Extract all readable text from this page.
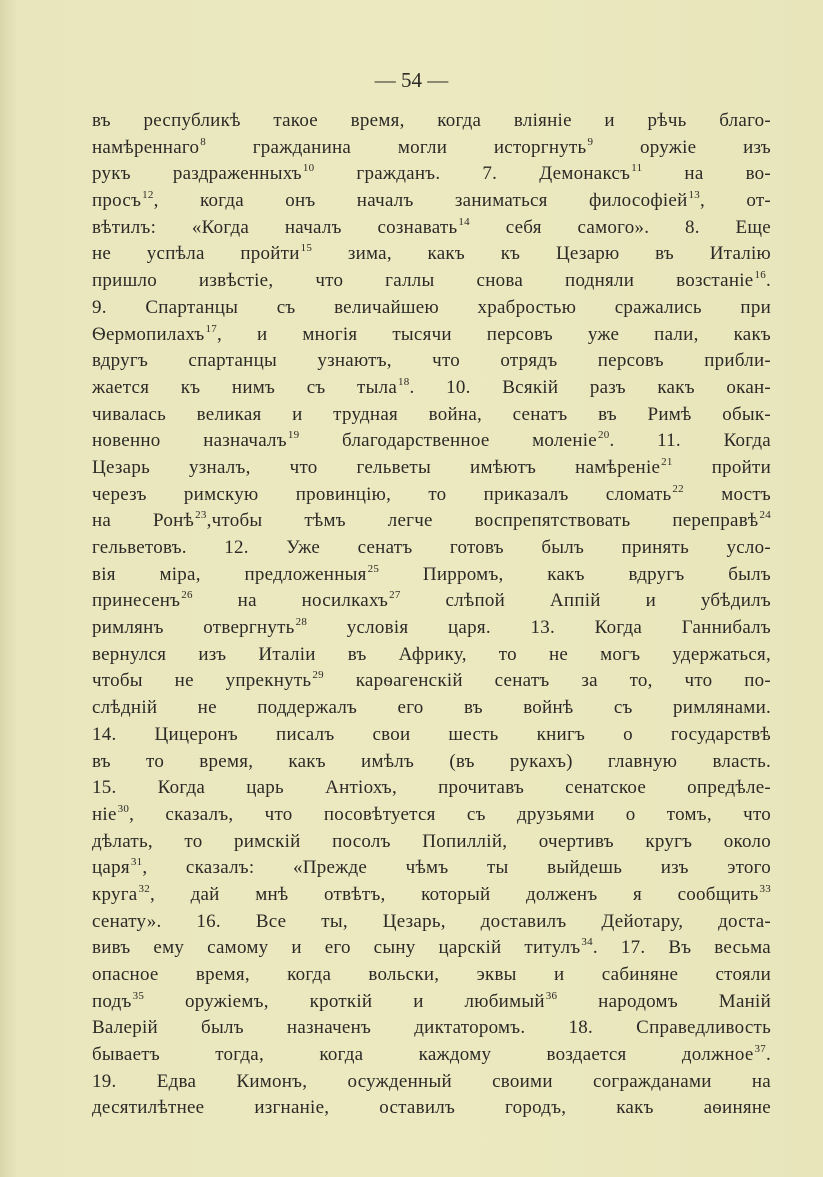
— 54 —
въ республикѣ такое время, когда вліяніе и рѣчь благо-
намѣреннаго$^8$ гражданина могли исторгнуть$^9$ оружіе изъ
рукъ раздраженныхъ$^{10}$ гражданъ. 7. Демонаксъ$^{11}$ на во-
просъ$^{12}$, когда онъ началъ заниматься философіей$^{13}$, от-
вѣтилъ: «Когда началъ сознавать$^{14}$ себя самого». 8. Еще
не успѣла пройти$^{15}$ зима, какъ къ Цезарю въ Италію
пришло извѣстіе, что галлы снова подняли возстаніе$^{16}$.
9. Спартанцы съ величайшею храбростью сражались при
Ѳермопилахъ$^{17}$, и многія тысячи персовъ уже пали, какъ
вдругъ спартанцы узнаютъ, что отрядъ персовъ прибли-
жается къ нимъ съ тыла$^{18}$. 10. Всякій разъ какъ окан-
чивалась великая и трудная война, сенатъ въ Римѣ обык-
новенно назначалъ$^{19}$ благодарственное моленіе$^{20}$. 11. Когда
Цезарь узналъ, что гельветы имѣютъ намѣреніе$^{21}$ пройти
черезъ римскую провинцію, то приказалъ сломать$^{22}$ мостъ
на Ронѣ$^{23}$,чтобы тѣмъ легче воспрепятствовать переправѣ$^{24}$
гельветовъ. 12. Уже сенатъ готовъ былъ принять усло-
вія міра, предложенныя$^{25}$ Пирромъ, какъ вдругъ былъ
принесенъ$^{26}$ на носилкахъ$^{27}$ слѣпой Аппій и убѣдилъ
римлянъ отвергнуть$^{28}$ условія царя. 13. Когда Ганнибалъ
вернулся изъ Италіи въ Африку, то не могъ удержаться,
чтобы не упрекнуть$^{29}$ карѳагенскій сенатъ за то, что по-
слѣдній не поддержалъ его въ войнѣ съ римлянами.
14. Цицеронъ писалъ свои шесть книгъ о государствѣ
въ то время, какъ имѣлъ (въ рукахъ) главную власть.
15. Когда царь Антіохъ, прочитавъ сенатское опредѣле-
ніе$^{30}$, сказалъ, что посовѣтуется съ друзьями о томъ, что
дѣлать, то римскій посолъ Попиллій, очертивъ кругъ около
царя$^{31}$, сказалъ: «Прежде чѣмъ ты выйдешь изъ этого
круга$^{32}$, дай мнѣ отвѣтъ, который долженъ я сообщить$^{33}$
сенату». 16. Все ты, Цезарь, доставилъ Дейотару, доста-
вивъ ему самому и его сыну царскій титулъ$^{34}$. 17. Въ весьма
опасное время, когда вольски, эквы и сабиняне стояли
подъ$^{35}$ оружіемъ, кроткій и любимый$^{36}$ народомъ Маній
Валерій былъ назначенъ диктаторомъ. 18. Справедливость
бываетъ тогда, когда каждому воздается должное$^{37}$.
19. Едва Кимонъ, осужденный своими согражданами на
десятилѣтнее изгнаніе, оставилъ городъ, какъ аѳиняне
